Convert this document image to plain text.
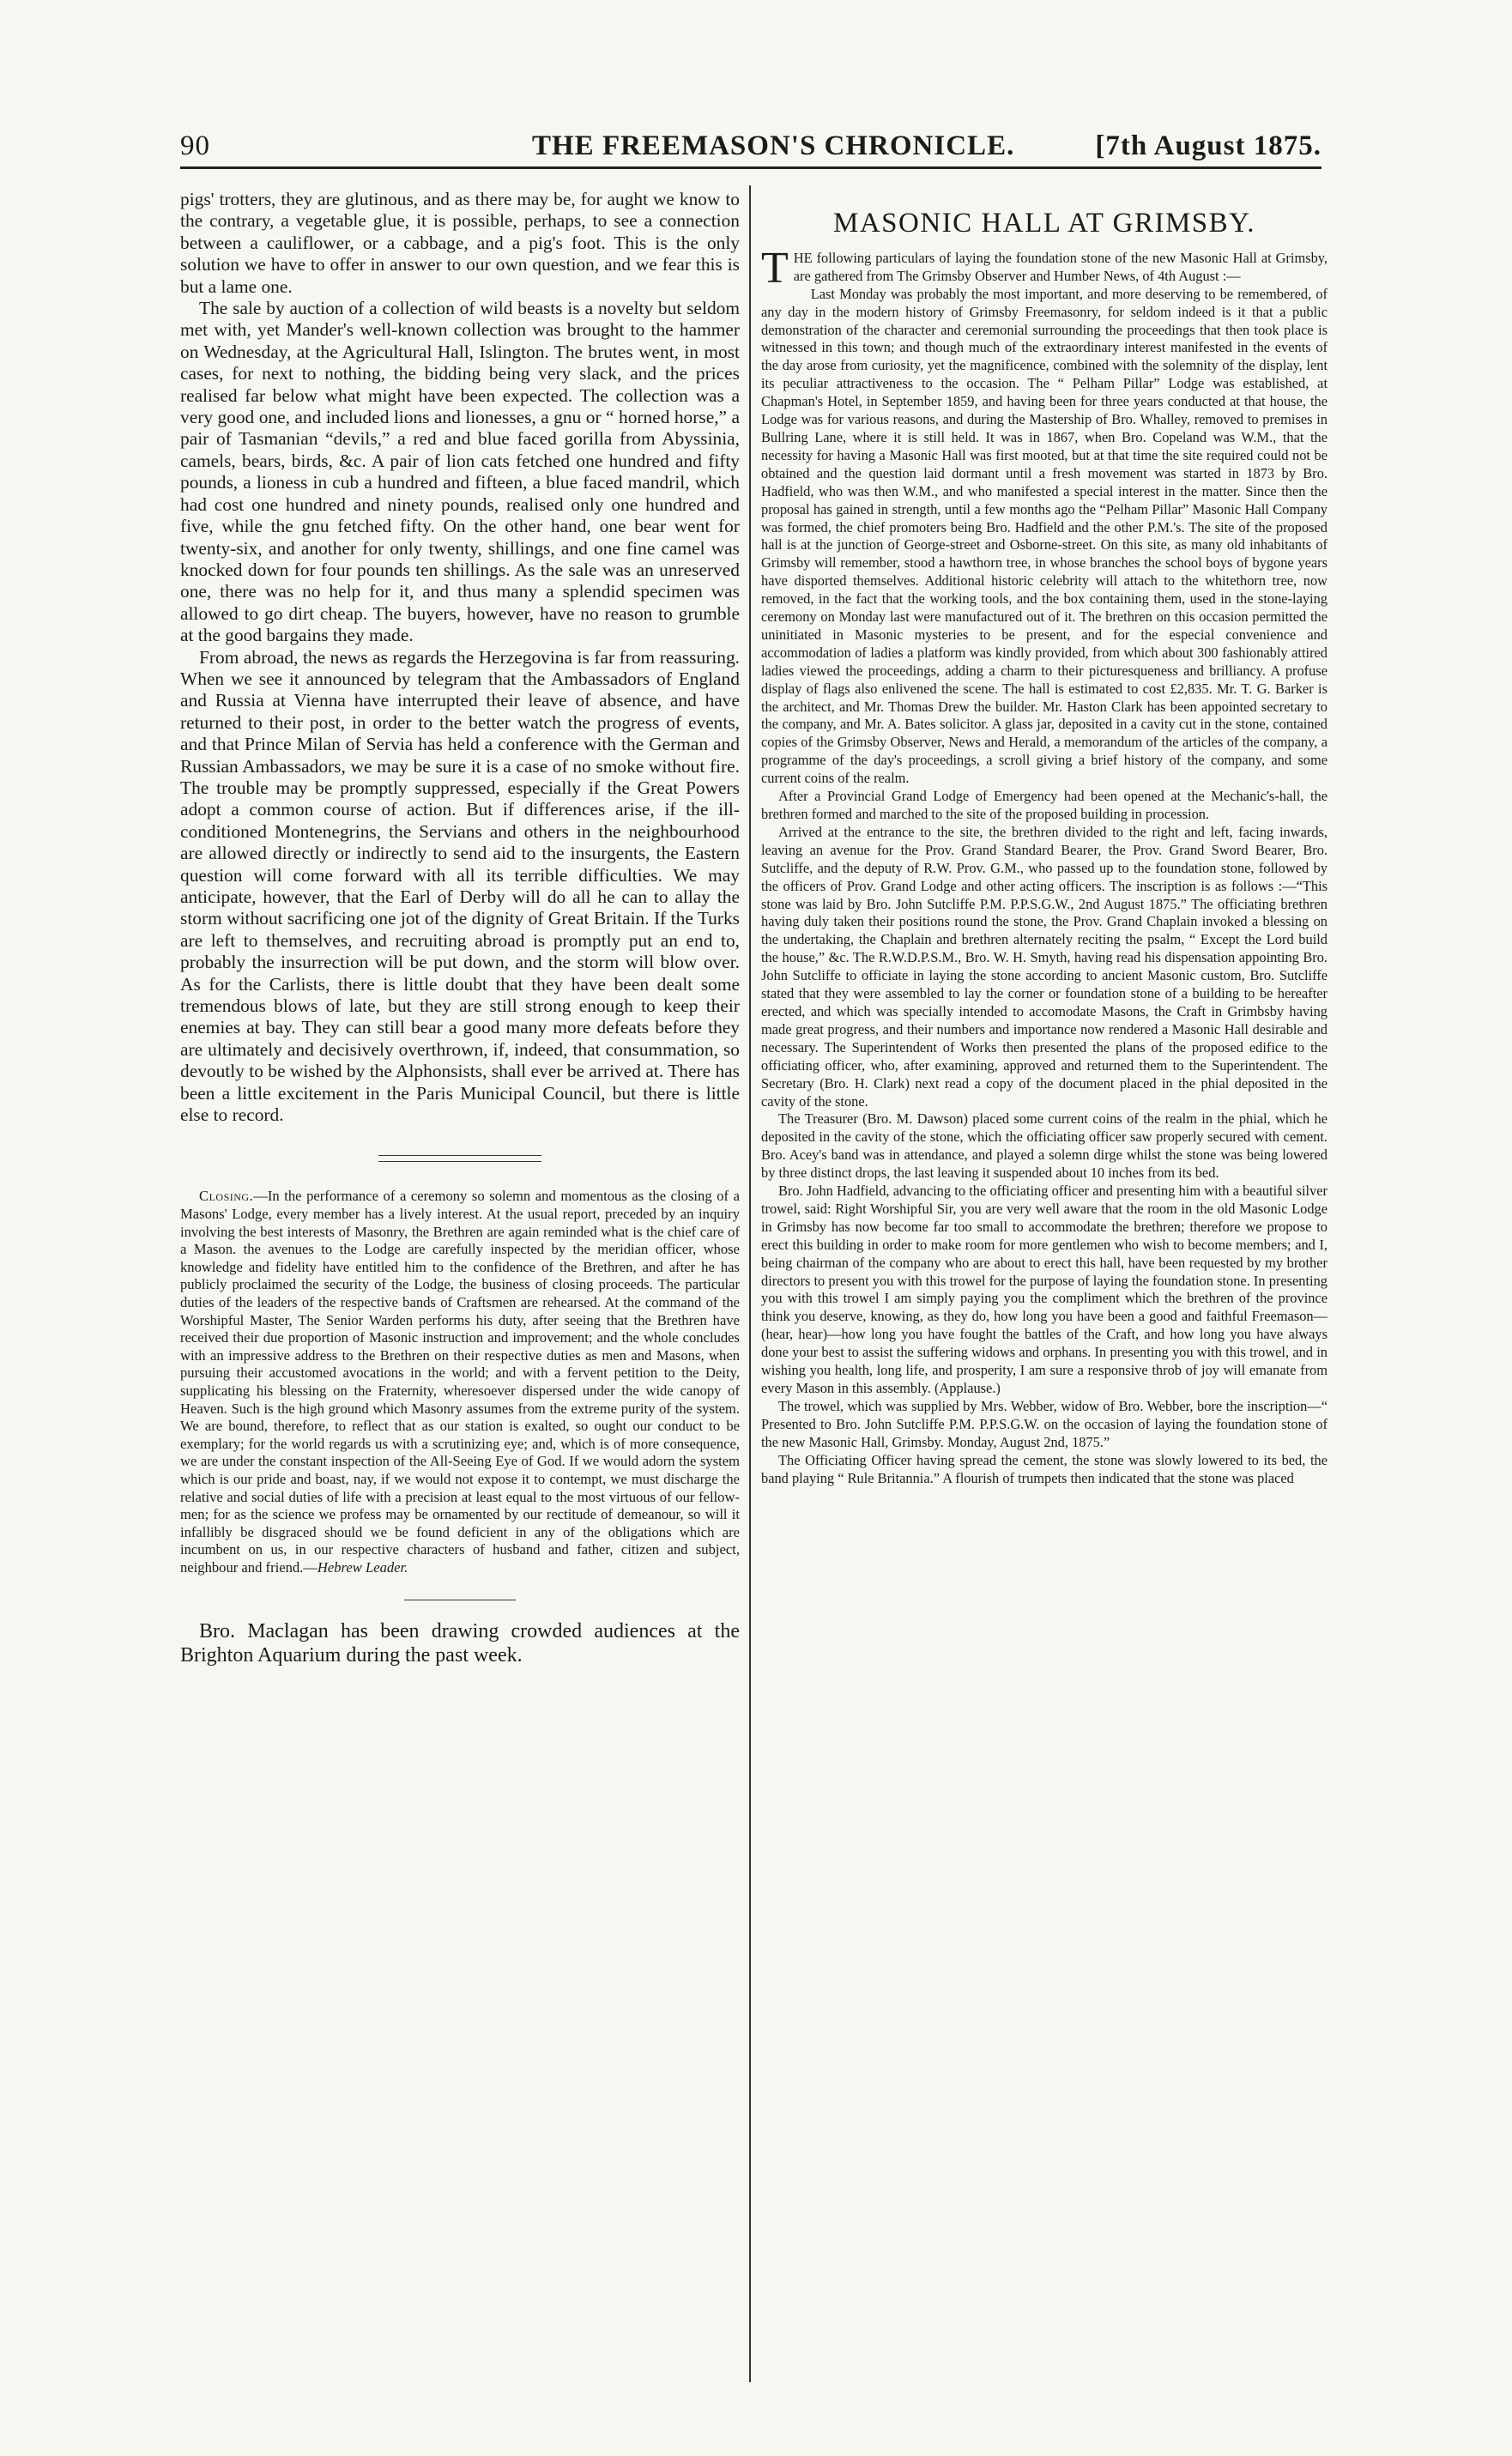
90	THE FREEMASON'S CHRONICLE.	[7th August 1875.

pigs' trotters, they are glutinous, and as there may be, for aught we know to the contrary, a vegetable glue, it is possible, perhaps, to see a connection between a cauliflower, or a cabbage, and a pig's foot. This is the only solution we have to offer in answer to our own question, and we fear this is but a lame one.

The sale by auction of a collection of wild beasts is a novelty but seldom met with, yet Mander's well-known collection was brought to the hammer on Wednesday, at the Agricultural Hall, Islington. The brutes went, in most cases, for next to nothing, the bidding being very slack, and the prices realised far below what might have been expected. The collection was a very good one, and included lions and lionesses, a gnu or “ horned horse,” a pair of Tasmanian “devils,” a red and blue faced gorilla from Abyssinia, camels, bears, birds, &c. A pair of lion cats fetched one hundred and fifty pounds, a lioness in cub a hundred and fifteen, a blue faced mandril, which had cost one hundred and ninety pounds, realised only one hundred and five, while the gnu fetched fifty. On the other hand, one bear went for twenty-six, and another for only twenty, shillings, and one fine camel was knocked down for four pounds ten shillings. As the sale was an unreserved one, there was no help for it, and thus many a splendid specimen was allowed to go dirt cheap. The buyers, however, have no reason to grumble at the good bargains they made.

From abroad, the news as regards the Herzegovina is far from reassuring. When we see it announced by telegram that the Ambassadors of England and Russia at Vienna have interrupted their leave of absence, and have returned to their post, in order to the better watch the progress of events, and that Prince Milan of Servia has held a conference with the German and Russian Ambassadors, we may be sure it is a case of no smoke without fire. The trouble may be promptly suppressed, especially if the Great Powers adopt a common course of action. But if differences arise, if the ill-conditioned Montenegrins, the Servians and others in the neighbourhood are allowed directly or indirectly to send aid to the insurgents, the Eastern question will come forward with all its terrible difficulties. We may anticipate, however, that the Earl of Derby will do all he can to allay the storm without sacrificing one jot of the dignity of Great Britain. If the Turks are left to themselves, and recruiting abroad is promptly put an end to, probably the insurrection will be put down, and the storm will blow over. As for the Carlists, there is little doubt that they have been dealt some tremendous blows of late, but they are still strong enough to keep their enemies at bay. They can still bear a good many more defeats before they are ultimately and decisively overthrown, if, indeed, that consummation, so devoutly to be wished by the Alphonsists, shall ever be arrived at. There has been a little excitement in the Paris Municipal Council, but there is little else to record.

Closing.—In the performance of a ceremony so solemn and momentous as the closing of a Masons' Lodge, every member has a lively interest. At the usual report, preceded by an inquiry involving the best interests of Masonry, the Brethren are again reminded what is the chief care of a Mason. the avenues to the Lodge are carefully inspected by the meridian officer, whose knowledge and fidelity have entitled him to the confidence of the Brethren, and after he has publicly proclaimed the security of the Lodge, the business of closing proceeds. The particular duties of the leaders of the respective bands of Craftsmen are rehearsed. At the command of the Worshipful Master, The Senior Warden performs his duty, after seeing that the Brethren have received their due proportion of Masonic instruction and improvement; and the whole concludes with an impressive address to the Brethren on their respective duties as men and Masons, when pursuing their accustomed avocations in the world; and with a fervent petition to the Deity, supplicating his blessing on the Fraternity, wheresoever dispersed under the wide canopy of Heaven. Such is the high ground which Masonry assumes from the extreme purity of the system. We are bound, therefore, to reflect that as our station is exalted, so ought our conduct to be exemplary; for the world regards us with a scrutinizing eye; and, which is of more consequence, we are under the constant inspection of the All-Seeing Eye of God. If we would adorn the system which is our pride and boast, nay, if we would not expose it to contempt, we must discharge the relative and social duties of life with a precision at least equal to the most virtuous of our fellow-men; for as the science we profess may be ornamented by our rectitude of demeanour, so will it infallibly be disgraced should we be found deficient in any of the obligations which are incumbent on us, in our respective characters of husband and father, citizen and subject, neighbour and friend.—Hebrew Leader.

Bro. Maclagan has been drawing crowded audiences at the Brighton Aquarium during the past week.

MASONIC HALL AT GRIMSBY.

THE following particulars of laying the foundation stone of the new Masonic Hall at Grimsby, are gathered from The Grimsby Observer and Humber News, of 4th August :—

Last Monday was probably the most important, and more deserving to be remembered, of any day in the modern history of Grimsby Freemasonry, for seldom indeed is it that a public demonstration of the character and ceremonial surrounding the proceedings that then took place is witnessed in this town; and though much of the extraordinary interest manifested in the events of the day arose from curiosity, yet the magnificence, combined with the solemnity of the display, lent its peculiar attractiveness to the occasion. The “ Pelham Pillar” Lodge was established, at Chapman's Hotel, in September 1859, and having been for three years conducted at that house, the Lodge was for various reasons, and during the Mastership of Bro. Whalley, removed to premises in Bullring Lane, where it is still held. It was in 1867, when Bro. Copeland was W.M., that the necessity for having a Masonic Hall was first mooted, but at that time the site required could not be obtained and the question laid dormant until a fresh movement was started in 1873 by Bro. Hadfield, who was then W.M., and who manifested a special interest in the matter. Since then the proposal has gained in strength, until a few months ago the “Pelham Pillar” Masonic Hall Company was formed, the chief promoters being Bro. Hadfield and the other P.M.'s. The site of the proposed hall is at the junction of George-street and Osborne-street. On this site, as many old inhabitants of Grimsby will remember, stood a hawthorn tree, in whose branches the school boys of bygone years have disported themselves. Additional historic celebrity will attach to the whitethorn tree, now removed, in the fact that the working tools, and the box containing them, used in the stone-laying ceremony on Monday last were manufactured out of it. The brethren on this occasion permitted the uninitiated in Masonic mysteries to be present, and for the especial convenience and accommodation of ladies a platform was kindly provided, from which about 300 fashionably attired ladies viewed the proceedings, adding a charm to their picturesqueness and brilliancy. A profuse display of flags also enlivened the scene. The hall is estimated to cost £2,835. Mr. T. G. Barker is the architect, and Mr. Thomas Drew the builder. Mr. Haston Clark has been appointed secretary to the company, and Mr. A. Bates solicitor. A glass jar, deposited in a cavity cut in the stone, contained copies of the Grimsby Observer, News and Herald, a memorandum of the articles of the company, a programme of the day's proceedings, a scroll giving a brief history of the company, and some current coins of the realm.

After a Provincial Grand Lodge of Emergency had been opened at the Mechanic's-hall, the brethren formed and marched to the site of the proposed building in procession.

Arrived at the entrance to the site, the brethren divided to the right and left, facing inwards, leaving an avenue for the Prov. Grand Standard Bearer, the Prov. Grand Sword Bearer, Bro. Sutcliffe, and the deputy of R.W. Prov. G.M., who passed up to the foundation stone, followed by the officers of Prov. Grand Lodge and other acting officers. The inscription is as follows :—“This stone was laid by Bro. John Sutcliffe P.M. P.P.S.G.W., 2nd August 1875.” The officiating brethren having duly taken their positions round the stone, the Prov. Grand Chaplain invoked a blessing on the undertaking, the Chaplain and brethren alternately reciting the psalm, “ Except the Lord build the house,” &c. The R.W.D.P.S.M., Bro. W. H. Smyth, having read his dispensation appointing Bro. John Sutcliffe to officiate in laying the stone according to ancient Masonic custom, Bro. Sutcliffe stated that they were assembled to lay the corner or foundation stone of a building to be hereafter erected, and which was specially intended to accomodate Masons, the Craft in Grimbsby having made great progress, and their numbers and importance now rendered a Masonic Hall desirable and necessary. The Superintendent of Works then presented the plans of the proposed edifice to the officiating officer, who, after examining, approved and returned them to the Superintendent. The Secretary (Bro. H. Clark) next read a copy of the document placed in the phial deposited in the cavity of the stone.

The Treasurer (Bro. M. Dawson) placed some current coins of the realm in the phial, which he deposited in the cavity of the stone, which the officiating officer saw properly secured with cement. Bro. Acey's band was in attendance, and played a solemn dirge whilst the stone was being lowered by three distinct drops, the last leaving it suspended about 10 inches from its bed.

Bro. John Hadfield, advancing to the officiating officer and presenting him with a beautiful silver trowel, said: Right Worshipful Sir, you are very well aware that the room in the old Masonic Lodge in Grimsby has now become far too small to accommodate the brethren; therefore we propose to erect this building in order to make room for more gentlemen who wish to become members; and I, being chairman of the company who are about to erect this hall, have been requested by my brother directors to present you with this trowel for the purpose of laying the foundation stone. In presenting you with this trowel I am simply paying you the compliment which the brethren of the province think you deserve, knowing, as they do, how long you have been a good and faithful Freemason—(hear, hear)—how long you have fought the battles of the Craft, and how long you have always done your best to assist the suffering widows and orphans. In presenting you with this trowel, and in wishing you health, long life, and prosperity, I am sure a responsive throb of joy will emanate from every Mason in this assembly. (Applause.)

The trowel, which was supplied by Mrs. Webber, widow of Bro. Webber, bore the inscription—“ Presented to Bro. John Sutcliffe P.M. P.P.S.G.W. on the occasion of laying the foundation stone of the new Masonic Hall, Grimsby. Monday, August 2nd, 1875.”

The Officiating Officer having spread the cement, the stone was slowly lowered to its bed, the band playing “ Rule Britannia.” A flourish of trumpets then indicated that the stone was placed
